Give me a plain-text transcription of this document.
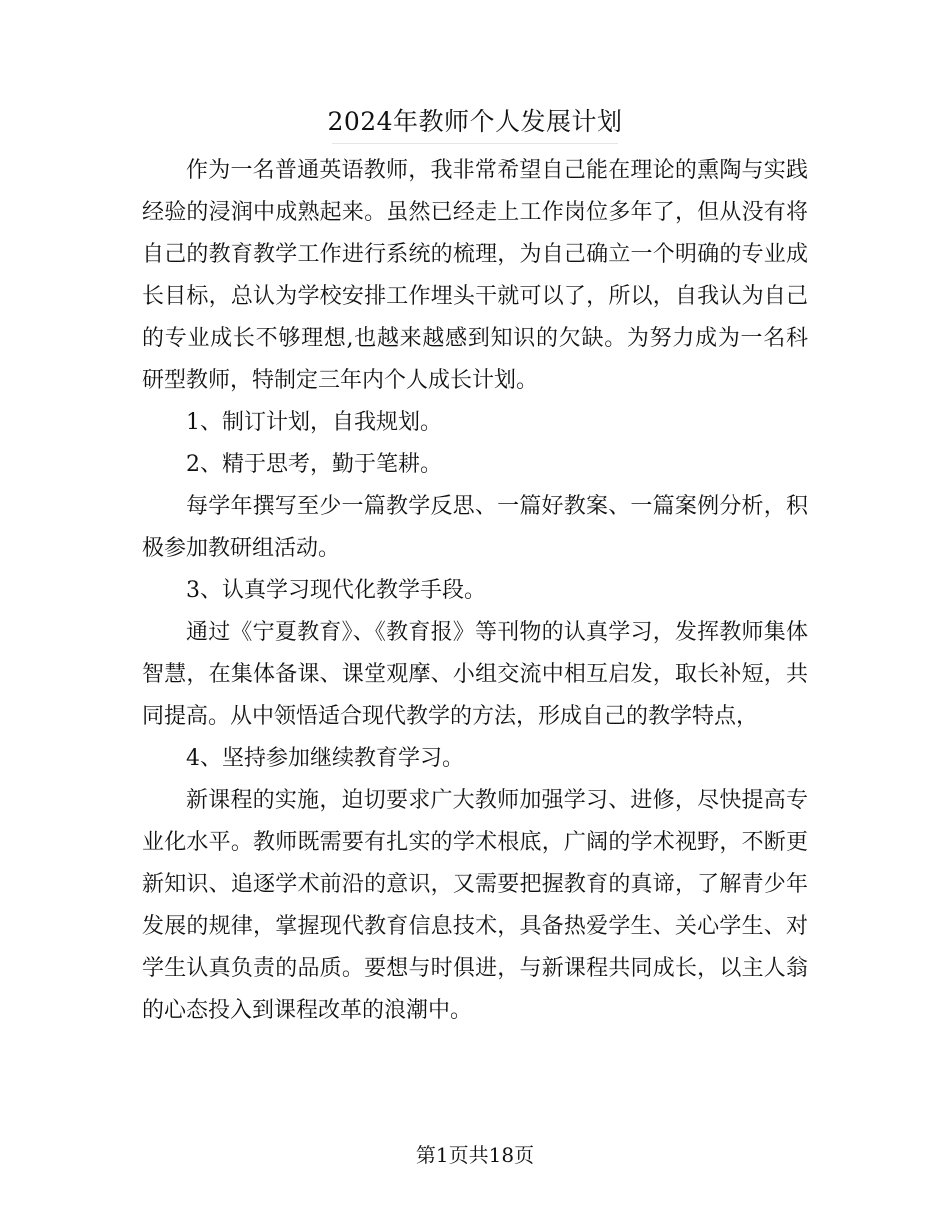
2024年教师个人发展计划

作为一名普通英语教师，我非常希望自己能在理论的熏陶与实践经验的浸润中成熟起来。虽然已经走上工作岗位多年了，但从没有将自己的教育教学工作进行系统的梳理，为自己确立一个明确的专业成长目标，总认为学校安排工作埋头干就可以了，所以，自我认为自己的专业成长不够理想,也越来越感到知识的欠缺。为努力成为一名科研型教师，特制定三年内个人成长计划。

1、制订计划，自我规划。

2、精于思考，勤于笔耕。

每学年撰写至少一篇教学反思、一篇好教案、一篇案例分析，积极参加教研组活动。

3、认真学习现代化教学手段。

通过《宁夏教育》、《教育报》等刊物的认真学习，发挥教师集体智慧，在集体备课、课堂观摩、小组交流中相互启发，取长补短，共同提高。从中领悟适合现代教学的方法，形成自己的教学特点，

4、坚持参加继续教育学习。

新课程的实施，迫切要求广大教师加强学习、进修，尽快提高专业化水平。教师既需要有扎实的学术根底，广阔的学术视野，不断更新知识、追逐学术前沿的意识，又需要把握教育的真谛，了解青少年发展的规律，掌握现代教育信息技术，具备热爱学生、关心学生、对学生认真负责的品质。要想与时俱进，与新课程共同成长，以主人翁的心态投入到课程改革的浪潮中。

第1页共18页
